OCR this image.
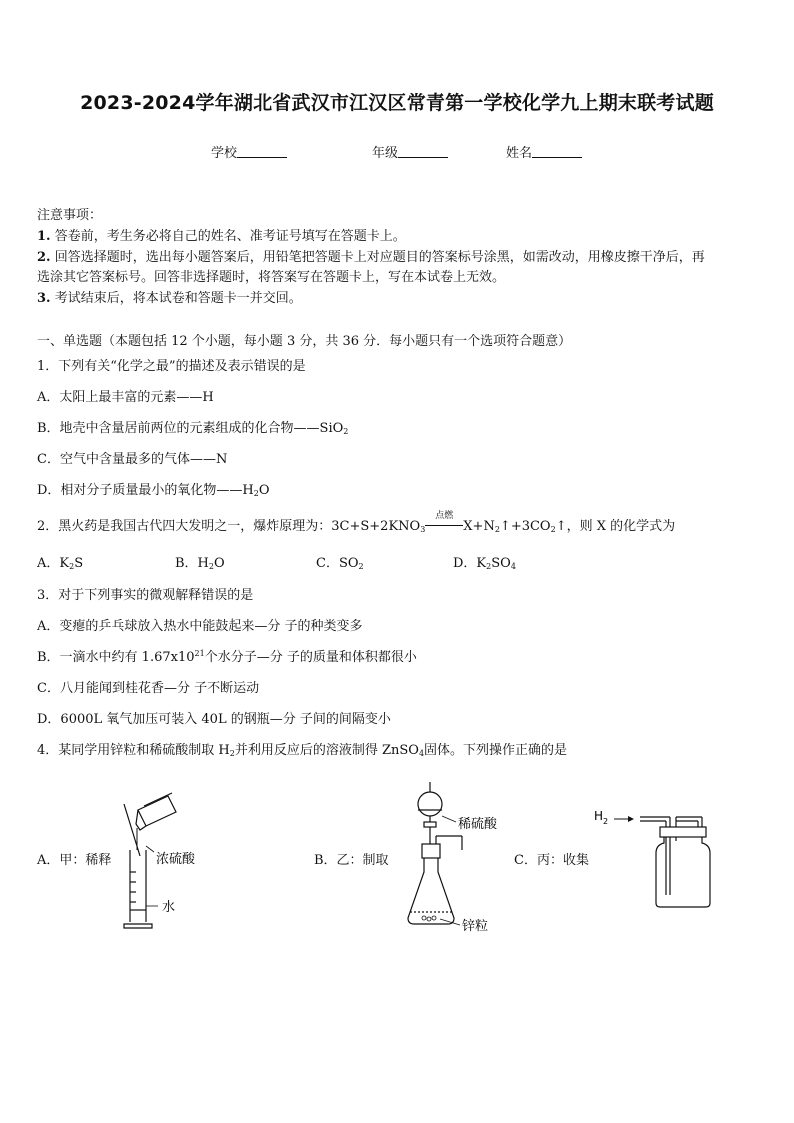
2023-2024学年湖北省武汉市江汉区常青第一学校化学九上期末联考试题
学校	年级	姓名
注意事项：
1. 答卷前，考生务必将自己的姓名、准考证号填写在答题卡上。
2. 回答选择题时，选出每小题答案后，用铅笔把答题卡上对应题目的答案标号涂黑，如需改动，用橡皮擦干净后，再
选涂其它答案标号。回答非选择题时，将答案写在答题卡上，写在本试卷上无效。
3. 考试结束后，将本试卷和答题卡一并交回。
一、单选题（本题包括 12 个小题，每小题 3 分，共 36 分．每小题只有一个选项符合题意）
1．下列有关“化学之最”的描述及表示错误的是
A．太阳上最丰富的元素——H
B．地壳中含量居前两位的元素组成的化合物——SiO$_2$
C．空气中含量最多的气体——N
D．相对分子质量最小的氧化物$——H_2O$
2．黑火药是我国古代四大发明之一，爆炸原理为：$3C+S+2KNO_3$
点燃
$X+N_2↑+3CO_2↑$，则 X 的化学式为
A．$K_2S$	B．$H_2O$	C．$SO_2$	D．$K_2SO_4$
3．对于下列事实的微观解释错误的是
A．变瘪的乒乓球放入热水中能鼓起来—分 子的种类变多
B．一滴水中约有 $1.67x10^{21}$个水分子—分 子的质量和体积都很小
C．八月能闻到桂花香—分 子不断运动
D．6000L 氧气加压可装入 40L 的钢瓶—分 子间的间隔变小
4．某同学用锌粒和稀硫酸制取 $H_2$并利用反应后的溶液制得 ZnSO$_4$固体。下列操作正确的是
A．甲：稀释	B．乙：制取	C．丙：收集
浓硫酸
水
稀硫酸
锌粒
$H_2$
